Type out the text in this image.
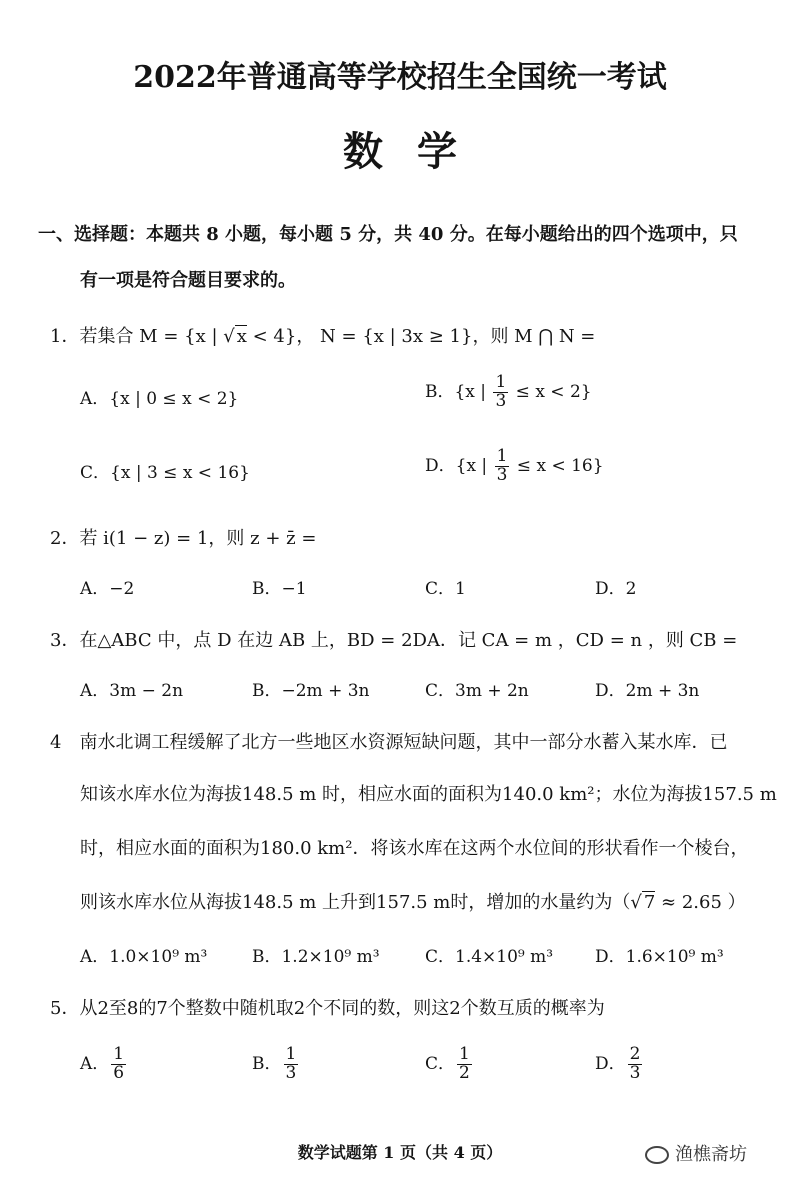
2022年普通高等学校招生全国统一考试
数学
一、选择题：本题共 8 小题，每小题 5 分，共 40 分。在每小题给出的四个选项中，只
有一项是符合题目要求的。
1．若集合 M = {x | √ x < 4}， N = {x | 3x ≥ 1}，则 M ⋂ N =
A．{x | 0 ≤ x < 2}	B．{x | $\frac{1}{3} \le x < 2$}
C．{x | 3 ≤ x < 16}	D．{x | $\frac{1}{3} \le x < 16$}
2．若 i(1 − z) = 1，则 z + z̄ =
A．−2	B．−1	C．1	D．2
3．在△ABC 中，点 D 在边 AB 上，BD = 2DA．记 CA = m ，CD = n ，则 CB =
A．3m − 2n	B．−2m + 3n	C．3m + 2n	D．2m + 3n
4　南水北调工程缓解了北方一些地区水资源短缺问题，其中一部分水蓄入某水库．已
知该水库水位为海拔148.5 m 时，相应水面的面积为140.0 km²；水位为海拔157.5 m
时，相应水面的面积为180.0 km²．将该水库在这两个水位间的形状看作一个棱台，
则该水库水位从海拔148.5 m 上升到157.5 m时，增加的水量约为（√ 7 ≈ 2.65 ）
A．1.0×10⁹ m³	B．1.2×10⁹ m³	C．1.4×10⁹ m³ D．1.6×10⁹ m³
5．从2至8的7个整数中随机取2个不同的数，则这2个数互质的概率为
A． $\frac{1}{6}$	B． $\frac{1}{3}$	C． $\frac{1}{2}$	D． $\frac{2}{3}$
数学试题第 1 页（共 4 页）	渔樵斋坊
